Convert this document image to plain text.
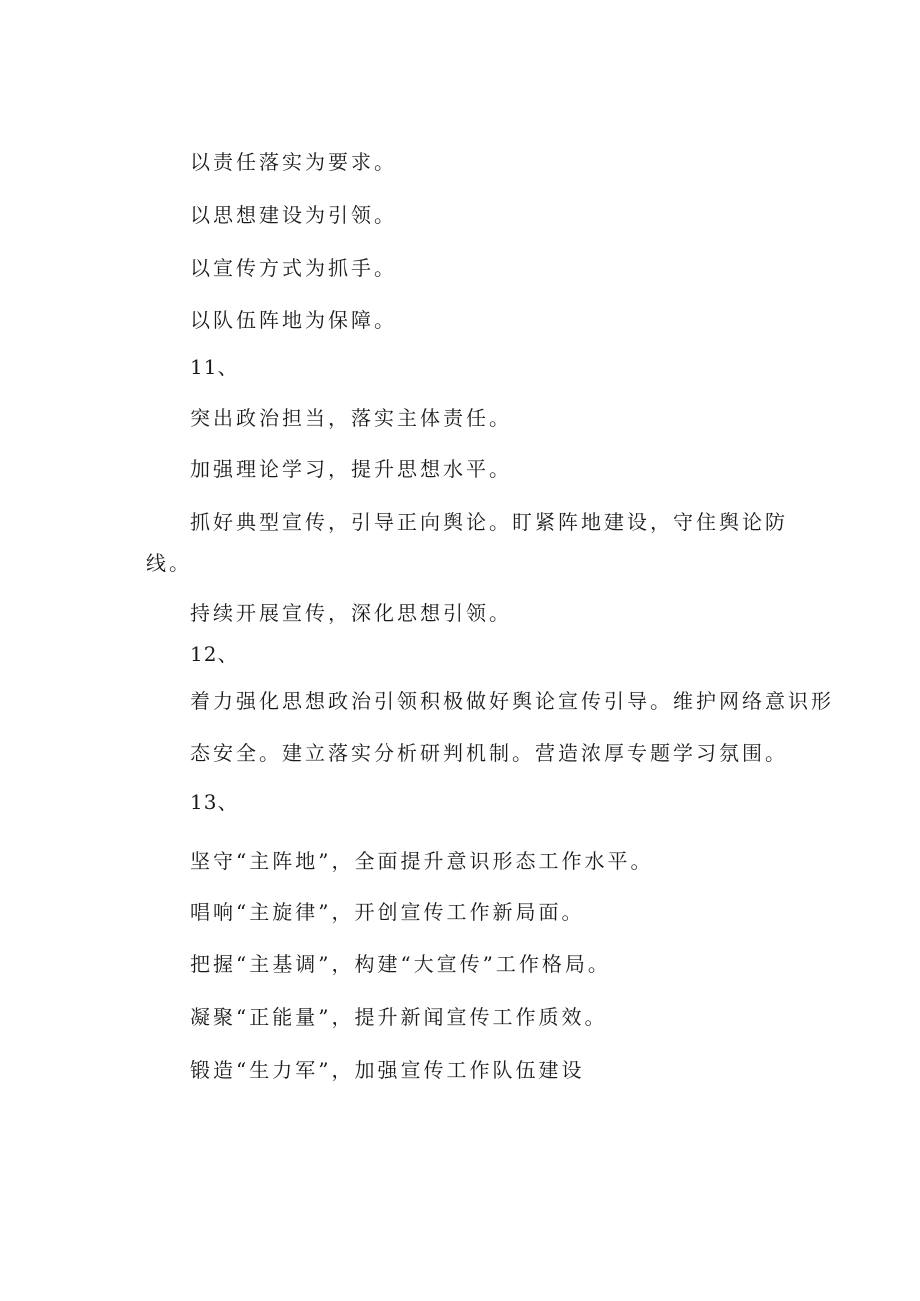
以责任落实为要求。
以思想建设为引领。
以宣传方式为抓手。
以队伍阵地为保障。
11、
突出政治担当，落实主体责任。
加强理论学习，提升思想水平。
抓好典型宣传，引导正向舆论。盯紧阵地建设，守住舆论防
线。
持续开展宣传，深化思想引领。
12、
着力强化思想政治引领积极做好舆论宣传引导。维护网络意识形
态安全。建立落实分析研判机制。营造浓厚专题学习氛围。
13、
坚守“主阵地”，全面提升意识形态工作水平。
唱响“主旋律”，开创宣传工作新局面。
把握“主基调”，构建“大宣传”工作格局。
凝聚“正能量”，提升新闻宣传工作质效。
锻造“生力军”，加强宣传工作队伍建设
